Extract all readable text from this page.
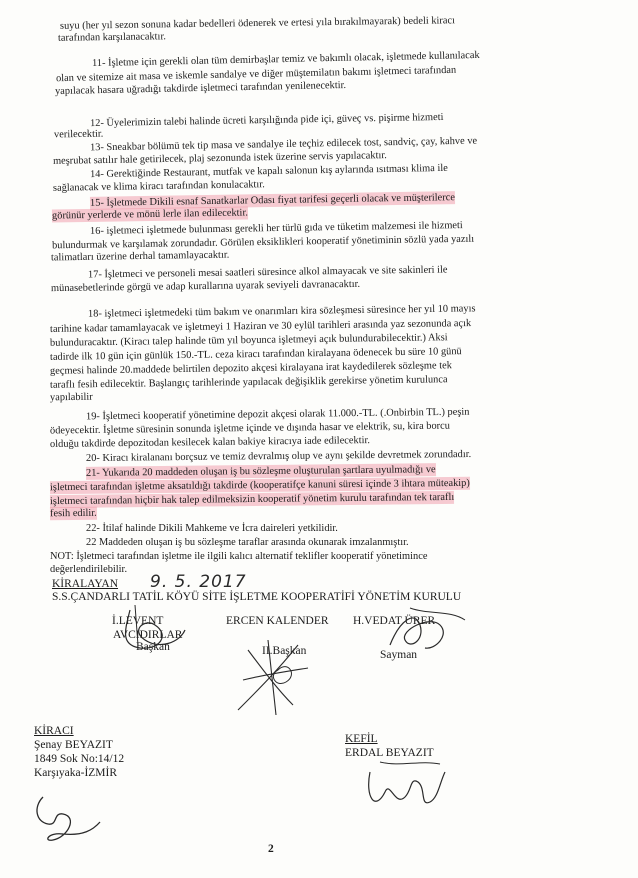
suyu (her yıl sezon sonuna kadar bedelleri ödenerek ve ertesi yıla bırakılmayarak) bedeli kiracı

tarafından karşılanacaktır.

11- İşletme için gerekli olan tüm demirbaşlar temiz ve bakımlı olacak, işletmede kullanılacak

olan ve sitemize ait masa ve iskemle sandalye ve diğer müştemilatın bakımı işletmeci tarafından

yapılacak hasara uğradığı takdirde işletmeci tarafından yenilenecektir.

12- Üyelerimizin talebi halinde ücreti karşılığında pide içi, güveç vs. pişirme hizmeti

verilecektir.

13- Sneakbar bölümü tek tip masa ve sandalye ile teçhiz edilecek tost, sandviç, çay, kahve ve

meşrubat satılır hale getirilecek, plaj sezonunda istek üzerine servis yapılacaktır.

14- Gerektiğinde Restaurant, mutfak ve kapalı salonun kış aylarında ısıtması klima ile

sağlanacak ve klima kiracı tarafından konulacaktır.

15- İşletmede Dikili esnaf Sanatkarlar Odası fiyat tarifesi geçerli olacak ve müşterilerce

görünür yerlerde ve mönü lerle ilan edilecektir.

16- işletmeci işletmede bulunması gerekli her türlü gıda ve tüketim malzemesi ile hizmeti

bulundurmak ve karşılamak zorundadır. Görülen eksiklikleri kooperatif yönetiminin sözlü yada yazılı

talimatları üzerine derhal tamamlayacaktır.

17- İşletmeci ve personeli mesai saatleri süresince alkol almayacak ve site sakinleri ile

münasebetlerinde görgü ve adap kurallarına uyarak seviyeli davranacaktır.

18- işletmeci işletmedeki tüm bakım ve onarımları kira sözleşmesi süresince her yıl 10 mayıs

tarihine kadar tamamlayacak ve işletmeyi 1 Haziran ve 30 eylül tarihleri arasında yaz sezonunda açık

bulunduracaktır. (Kiracı talep halinde tüm yıl boyunca işletmeyi açık bulundurabilecektir.) Aksi

tadirde ilk 10 gün için günlük 150.-TL. ceza kiracı tarafından kiralayana ödenecek bu süre 10 günü

geçmesi halinde 20.maddede belirtilen depozito akçesi kiralayana irat kaydedilerek sözleşme tek

taraflı fesih edilecektir. Başlangıç tarihlerinde yapılacak değişiklik gerekirse yönetim kurulunca

yapılabilir

19- İşletmeci kooperatif yönetimine depozit akçesi olarak 11.000.-TL. (.Onbirbin TL.) peşin

ödeyecektir. İşletme süresinin sonunda işletme içinde ve dışında hasar ve elektrik, su, kira borcu

olduğu takdirde depozitodan kesilecek kalan bakiye kiracıya iade edilecektir.

20- Kiracı kiralananı borçsuz ve temiz devralmış olup ve aynı şekilde devretmek zorundadır.

21- Yukarıda 20 maddeden oluşan iş bu sözleşme oluşturulan şartlara uyulmadığı ve

işletmeci tarafından işletme aksatıldığı takdirde (kooperatifçe kanuni süresi içinde 3 ihtara müteakip)

işletmeci tarafından hiçbir hak talep edilmeksizin kooperatif yönetim kurulu tarafından tek taraflı

fesih edilir.

22- İtilaf halinde Dikili Mahkeme ve İcra daireleri yetkilidir.

22 Maddeden oluşan iş bu sözleşme taraflar arasında okunarak imzalanmıştır.

NOT: İşletmeci tarafından işletme ile ilgili kalıcı alternatif teklifler kooperatif yönetimince

değerlendirilebilir.

KİRALAYAN 9. 5. 2017
S.S.ÇANDARLI TATİL KÖYÜ SİTE İŞLETME KOOPERATİFİ YÖNETİM KURULU
İ.LEVENT
AVCIDIRLAR
Başkan
ERCEN KALENDER
II.Başkan
H.VEDAT ÜRER
Sayman
KİRACI
Şenay BEYAZIT
1849 Sok No:14/12
Karşıyaka-İZMİR
KEFİL
ERDAL BEYAZIT
2
